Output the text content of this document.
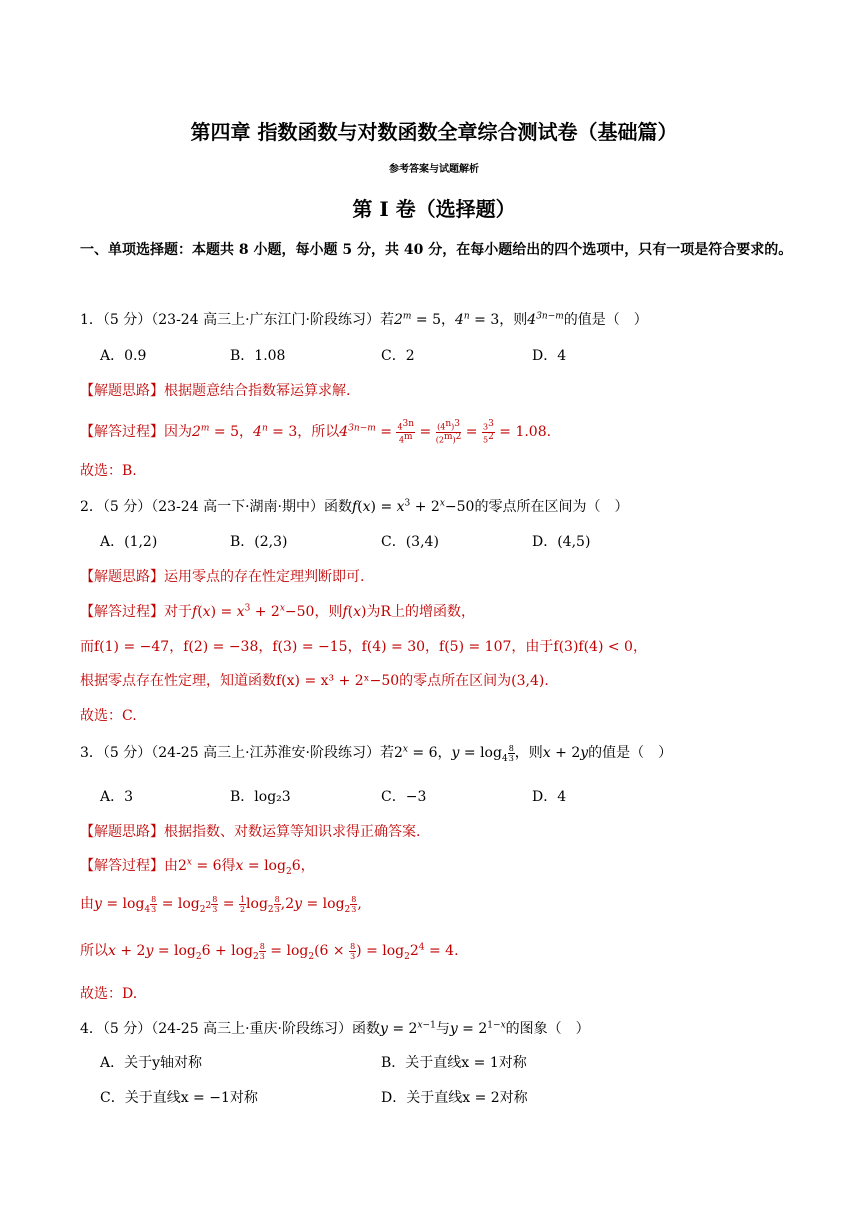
第四章 指数函数与对数函数全章综合测试卷（基础篇）
参考答案与试题解析
第 I 卷（选择题）
一、单项选择题：本题共 8 小题，每小题 5 分，共 40 分，在每小题给出的四个选项中，只有一项是符合要求的。
1．（5 分）（23-24 高三上·广东江门·阶段练习）若$2^m = 5$，$4^n = 3$，则$4^{3n-m}$的值是（　）
A．0.9	B．1.08	C．2	D．4
【解题思路】根据题意结合指数幂运算求解.
【解答过程】因为$2^m = 5$，$4^n = 3$，所以$4^{3n-m} = \frac{4^{3n}}{4^m} = \frac{(4^n)^3}{(2^m)^2} = \frac{3^3}{5^2} = 1.08$.
故选：B.
2．（5 分）（23-24 高一下·湖南·期中）函数$f(x) = x^3 + 2^x-50$的零点所在区间为（　）
A．(1,2)	B．(2,3)	C．(3,4)	D．(4,5)
【解题思路】运用零点的存在性定理判断即可.
【解答过程】对于$f(x) = x^3 + 2^x-50$，则f(x)为R上的增函数，
而f(1) = −47，f(2) = −38，f(3) = −15，f(4) = 30，f(5) = 107，由于f(3)f(4) < 0，
根据零点存在性定理，知道函数f(x) = x³ + 2ˣ−50的零点所在区间为(3,4).
故选：C.
3．（5 分）（24-25 高三上·江苏淮安·阶段练习）若$2^x = 6$，$y = \log_4 \frac{8}{3}$ ，则x + 2y的值是（　）
A．3	B．log₂3	C．−3	D．4
【解题思路】根据指数、对数运算等知识求得正确答案.
【解答过程】由$2^x = 6$得$x = \log_26$，
由$y = \log_4 \frac{8}{3} = \log_{2^2} \frac{8}{3} = \frac{1}{2} \log_2 \frac{8}{3} ,2y = \log_2 \frac{8}{3}$ ,
所以$x + 2y = \log_26 + \log_2 \frac{8}{3} = \log_2(6 \times \frac{8}{3}$ ) = $\log_22^4 = 4$.
故选：D.
4．（5 分）（24-25 高三上·重庆·阶段练习）函数$y = 2^{x-1}$与$y = 2^{1-x}$的图象（　）
A．关于y轴对称	B．关于直线x = 1对称
C．关于直线x = −1对称	D．关于直线x = 2对称
